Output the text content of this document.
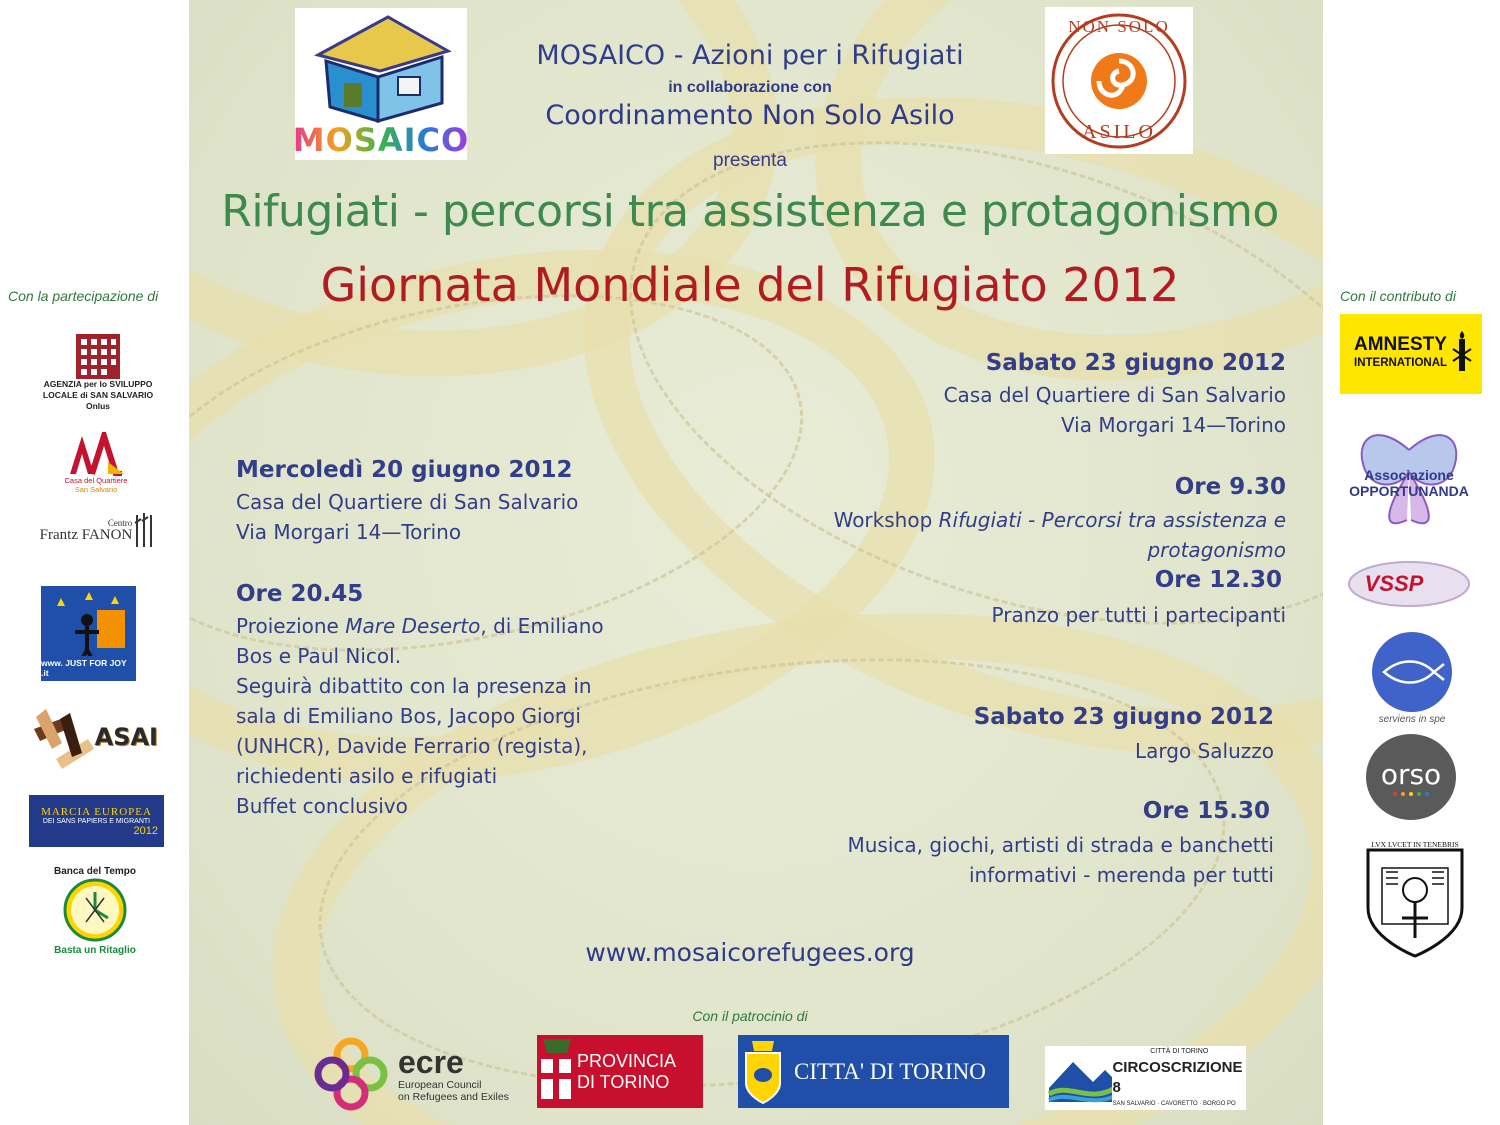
Con la partecipazione di
AGENZIA per lo SVILUPPO
LOCALE di SAN SALVARIO Onlus
Casa del Quartiere
San Salvario
Centro
Frantz FANON
www. JUST FOR JOY .it
ASAI
MARCIA EUROPEA
DEI SANS PAPIERS E MIGRANTI
2012
Banca del Tempo
Basta un Ritaglio
MOSAICO
NON SOLO
ASILO
MOSAICO - Azioni per i Rifugiati
in collaborazione con
Coordinamento Non Solo Asilo
presenta
Rifugiati - percorsi tra assistenza e protagonismo
Giornata Mondiale del Rifugiato 2012
Mercoledì 20 giugno 2012
Casa del Quartiere di San Salvario
Via Morgari 14—Torino
Ore 20.45
Proiezione Mare Deserto, di Emiliano
Bos e Paul Nicol.
Seguirà dibattito con la presenza in
sala di Emiliano Bos, Jacopo Giorgi
(UNHCR), Davide Ferrario (regista),
richiedenti asilo e rifugiati
Buffet conclusivo
Sabato 23 giugno 2012
Casa del Quartiere di San Salvario
Via Morgari 14—Torino
Ore 9.30
Workshop Rifugiati - Percorsi tra assistenza e
protagonismo
Ore 12.30
Pranzo per tutti i partecipanti
Sabato 23 giugno 2012
Largo Saluzzo
Ore 15.30
Musica, giochi, artisti di strada e banchetti
informativi - merenda per tutti
www.mosaicorefugees.org
Con il patrocinio di
ecre
European Council
on Refugees and Exiles
PROVINCIA
DI TORINO	CITTA' DI TORINO
CITTÀ DI TORINO
CIRCOSCRIZIONE 8
SAN SALVARIO · CAVORETTO · BORGO PO
Con il contributo di
AMNESTY
INTERNATIONAL
Associazione
OPPORTUNANDA
VSSP
serviens in spe
orso
LVX LVCET IN TENEBRIS
